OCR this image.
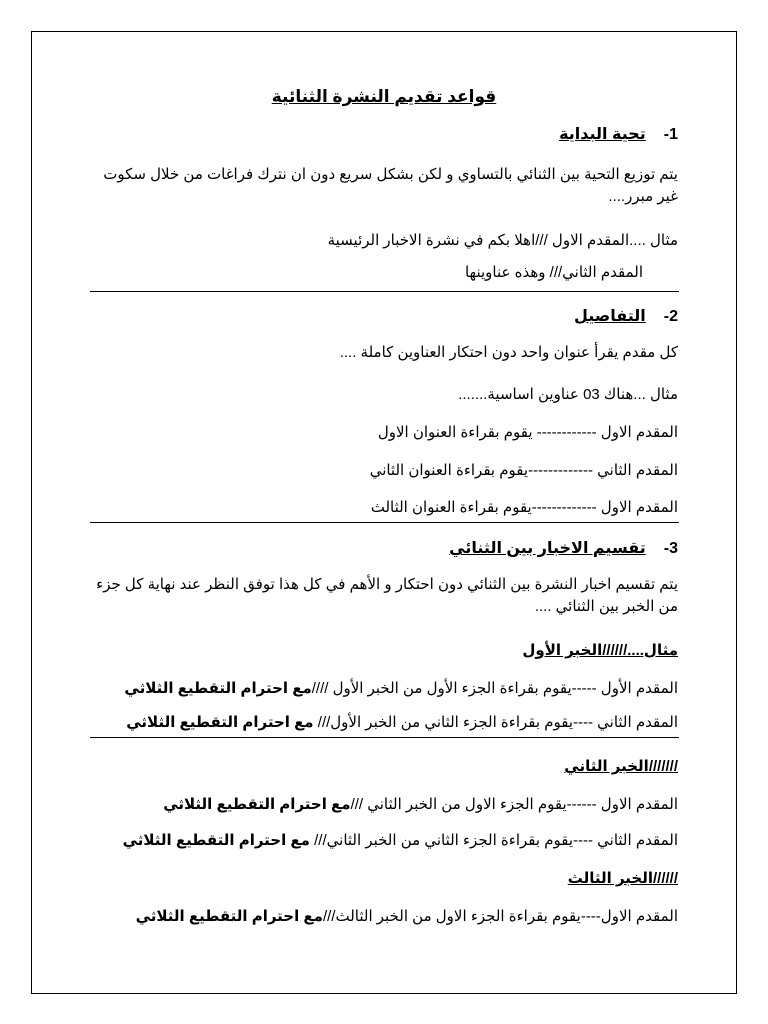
قواعد تقديم النشرة الثنائية
1-تحية البداية
يتم توزيع التحية بين الثنائي بالتساوي و لكن بشكل سريع دون ان نترك فراغات من خلال سكوت غير مبرر....
مثال ....المقدم الاول ///اهلا بكم في نشرة الاخبار الرئيسية
المقدم الثاني/// وهذه عناوينها
2-التفاصيل
كل مقدم يقرأ عنوان واحد دون احتكار العناوين كاملة ....
مثال ...هناك 03 عناوين اساسية.......
المقدم الاول ------------ يقوم بقراءة العنوان الاول
المقدم الثاني -------------يقوم بقراءة العنوان الثاني
المقدم الاول -------------يقوم بقراءة العنوان الثالث
3-تقسيم الاخبار بين الثنائي
يتم تقسيم اخبار النشرة بين الثنائي دون احتكار و الأهم في كل هذا توفق النظر عند نهاية كل جزء من الخبر بين الثنائي ....
مثال....//////الخبر الأول
المقدم الأول -----يقوم بقراءة الجزء الأول من الخبر الأول ////مع احترام التقطيع الثلاثي
المقدم الثاني ----يقوم بقراءة الجزء الثاني من الخبر الأول/// مع احترام التقطيع الثلاثي
///////الخبر الثاني
المقدم الاول ------يقوم الجزء الاول من الخبر الثاني ///مع احترام التقطيع الثلاثي
المقدم الثاني ----يقوم بقراءة الجزء الثاني من الخبر الثاني/// مع احترام التقطيع الثلاثي
//////الخبر الثالث
المقدم الاول----يقوم بقراءة الجزء الاول من الخبر الثالث///مع احترام التقطيع الثلاثي
